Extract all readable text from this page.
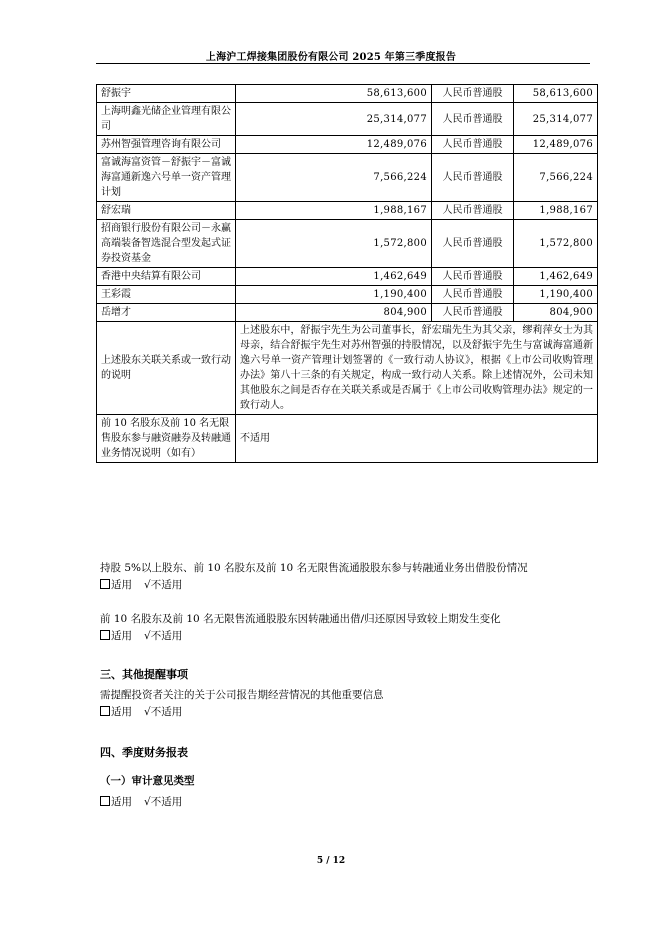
上海沪工焊接集团股份有限公司 2025 年第三季度报告
舒振宇	58,613,600	人民币普通股	58,613,600
上海明鑫光储企业管理有限公司	25,314,077	人民币普通股	25,314,077
苏州智强管理咨询有限公司	12,489,076	人民币普通股	12,489,076
富诚海富资管－舒振宇－富诚海富通新逸六号单一资产管理计划	7,566,224	人民币普通股	7,566,224
舒宏瑞	1,988,167	人民币普通股	1,988,167
招商银行股份有限公司－永赢高端装备智选混合型发起式证券投资基金	1,572,800	人民币普通股	1,572,800
香港中央结算有限公司	1,462,649	人民币普通股	1,462,649
王彩霞	1,190,400	人民币普通股	1,190,400
岳增才	804,900	人民币普通股	804,900
上述股东关联关系或一致行动的说明	上述股东中，舒振宇先生为公司董事长，舒宏瑞先生为其父亲，缪莉萍女士为其母亲，结合舒振宇先生对苏州智强的持股情况，以及舒振宇先生与富诚海富通新逸六号单一资产管理计划签署的《一致行动人协议》，根据《上市公司收购管理办法》第八十三条的有关规定，构成一致行动人关系。除上述情况外，公司未知其他股东之间是否存在关联关系或是否属于《上市公司收购管理办法》规定的一致行动人。		
前 10 名股东及前 10 名无限售股东参与融资融券及转融通业务情况说明（如有）	不适用		
持股 5%以上股东、前 10 名股东及前 10 名无限售流通股股东参与转融通业务出借股份情况
适用 √不适用
前 10 名股东及前 10 名无限售流通股股东因转融通出借/归还原因导致较上期发生变化
适用 √不适用
三、其他提醒事项
需提醒投资者关注的关于公司报告期经营情况的其他重要信息
适用 √不适用
四、季度财务报表
（一）审计意见类型
适用 √不适用
5 / 12
